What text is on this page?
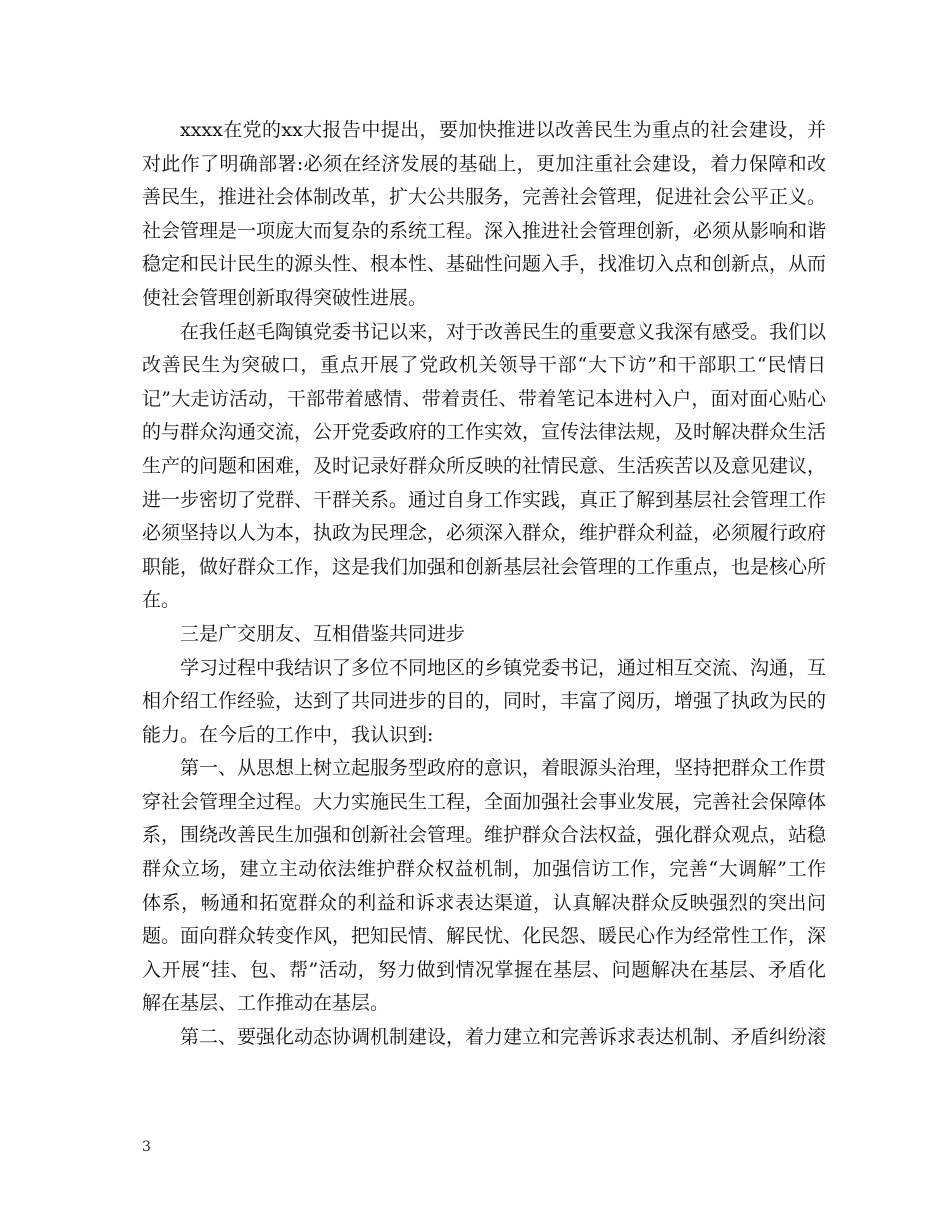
xxxx在党的xx大报告中提出，要加快推进以改善民生为重点的社会建设，并对此作了明确部署:必须在经济发展的基础上，更加注重社会建设，着力保障和改善民生，推进社会体制改革，扩大公共服务，完善社会管理，促进社会公平正义。社会管理是一项庞大而复杂的系统工程。深入推进社会管理创新，必须从影响和谐稳定和民计民生的源头性、根本性、基础性问题入手，找准切入点和创新点，从而使社会管理创新取得突破性进展。

在我任赵毛陶镇党委书记以来，对于改善民生的重要意义我深有感受。我们以改善民生为突破口，重点开展了党政机关领导干部“大下访”和干部职工“民情日记”大走访活动，干部带着感情、带着责任、带着笔记本进村入户，面对面心贴心的与群众沟通交流，公开党委政府的工作实效，宣传法律法规，及时解决群众生活生产的问题和困难，及时记录好群众所反映的社情民意、生活疾苦以及意见建议，进一步密切了党群、干群关系。通过自身工作实践，真正了解到基层社会管理工作必须坚持以人为本，执政为民理念，必须深入群众，维护群众利益，必须履行政府职能，做好群众工作，这是我们加强和创新基层社会管理的工作重点，也是核心所在。

三是广交朋友、互相借鉴共同进步

学习过程中我结识了多位不同地区的乡镇党委书记，通过相互交流、沟通，互相介绍工作经验，达到了共同进步的目的，同时，丰富了阅历，增强了执政为民的能力。在今后的工作中，我认识到:

第一、从思想上树立起服务型政府的意识，着眼源头治理，坚持把群众工作贯穿社会管理全过程。大力实施民生工程，全面加强社会事业发展，完善社会保障体系，围绕改善民生加强和创新社会管理。维护群众合法权益，强化群众观点，站稳群众立场，建立主动依法维护群众权益机制，加强信访工作，完善“大调解”工作体系，畅通和拓宽群众的利益和诉求表达渠道，认真解决群众反映强烈的突出问题。面向群众转变作风，把知民情、解民忧、化民怨、暖民心作为经常性工作，深入开展“挂、包、帮”活动，努力做到情况掌握在基层、问题解决在基层、矛盾化解在基层、工作推动在基层。

第二、要强化动态协调机制建设，着力建立和完善诉求表达机制、矛盾纠纷滚

3
